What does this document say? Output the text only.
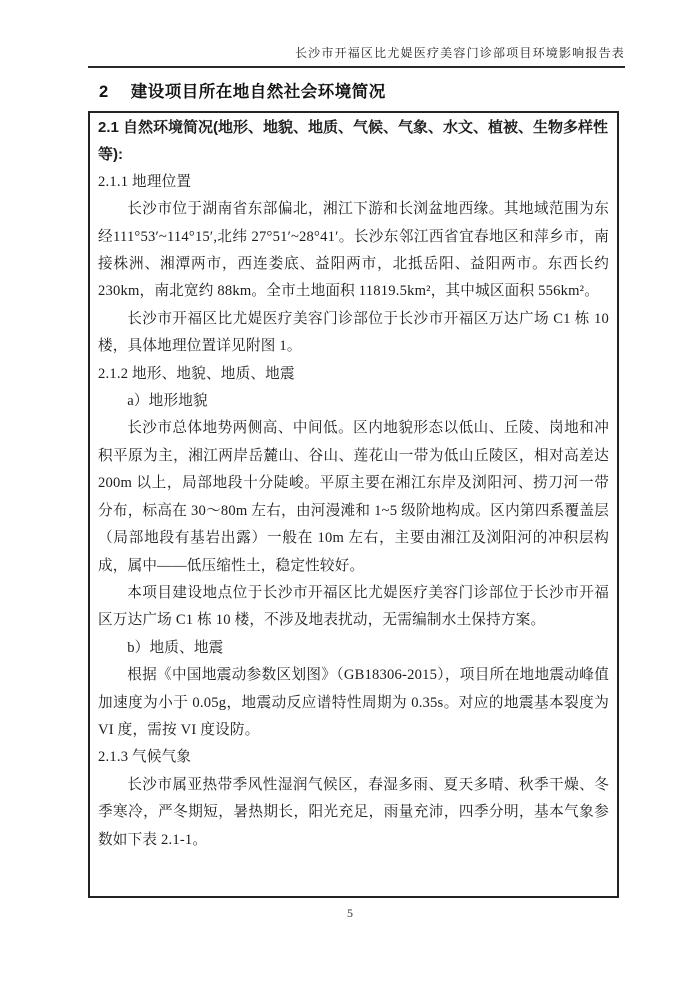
长沙市开福区比尤媞医疗美容门诊部项目环境影响报告表
2 建设项目所在地自然社会环境简况

2.1 自然环境简况(地形、地貌、地质、气候、气象、水文、植被、生物多样性等):

2.1.1 地理位置

长沙市位于湖南省东部偏北，湘江下游和长浏盆地西缘。其地域范围为东经111°53′~114°15′,北纬 27°51′~28°41′。长沙东邻江西省宜春地区和萍乡市，南接株洲、湘潭两市，西连娄底、益阳两市，北抵岳阳、益阳两市。东西长约 230km，南北宽约 88km。全市土地面积 11819.5km²，其中城区面积 556km²。

长沙市开福区比尤媞医疗美容门诊部位于长沙市开福区万达广场 C1 栋 10 楼，具体地理位置详见附图 1。

2.1.2 地形、地貌、地质、地震

a）地形地貌

长沙市总体地势两侧高、中间低。区内地貌形态以低山、丘陵、岗地和冲积平原为主，湘江两岸岳麓山、谷山、莲花山一带为低山丘陵区，相对高差达 200m 以上，局部地段十分陡峻。平原主要在湘江东岸及浏阳河、捞刀河一带分布，标高在 30～80m 左右，由河漫滩和 1~5 级阶地构成。区内第四系覆盖层（局部地段有基岩出露）一般在 10m 左右，主要由湘江及浏阳河的冲积层构成，属中——低压缩性土，稳定性较好。

本项目建设地点位于长沙市开福区比尤媞医疗美容门诊部位于长沙市开福区万达广场 C1 栋 10 楼，不涉及地表扰动，无需编制水土保持方案。

b）地质、地震

根据《中国地震动参数区划图》（GB18306-2015），项目所在地地震动峰值加速度为小于 0.05g，地震动反应谱特性周期为 0.35s。对应的地震基本裂度为 VI 度，需按 VI 度设防。

2.1.3 气候气象

长沙市属亚热带季风性湿润气候区，春湿多雨、夏天多晴、秋季干燥、冬季寒冷，严冬期短，暑热期长，阳光充足，雨量充沛，四季分明，基本气象参数如下表 2.1-1。

5
